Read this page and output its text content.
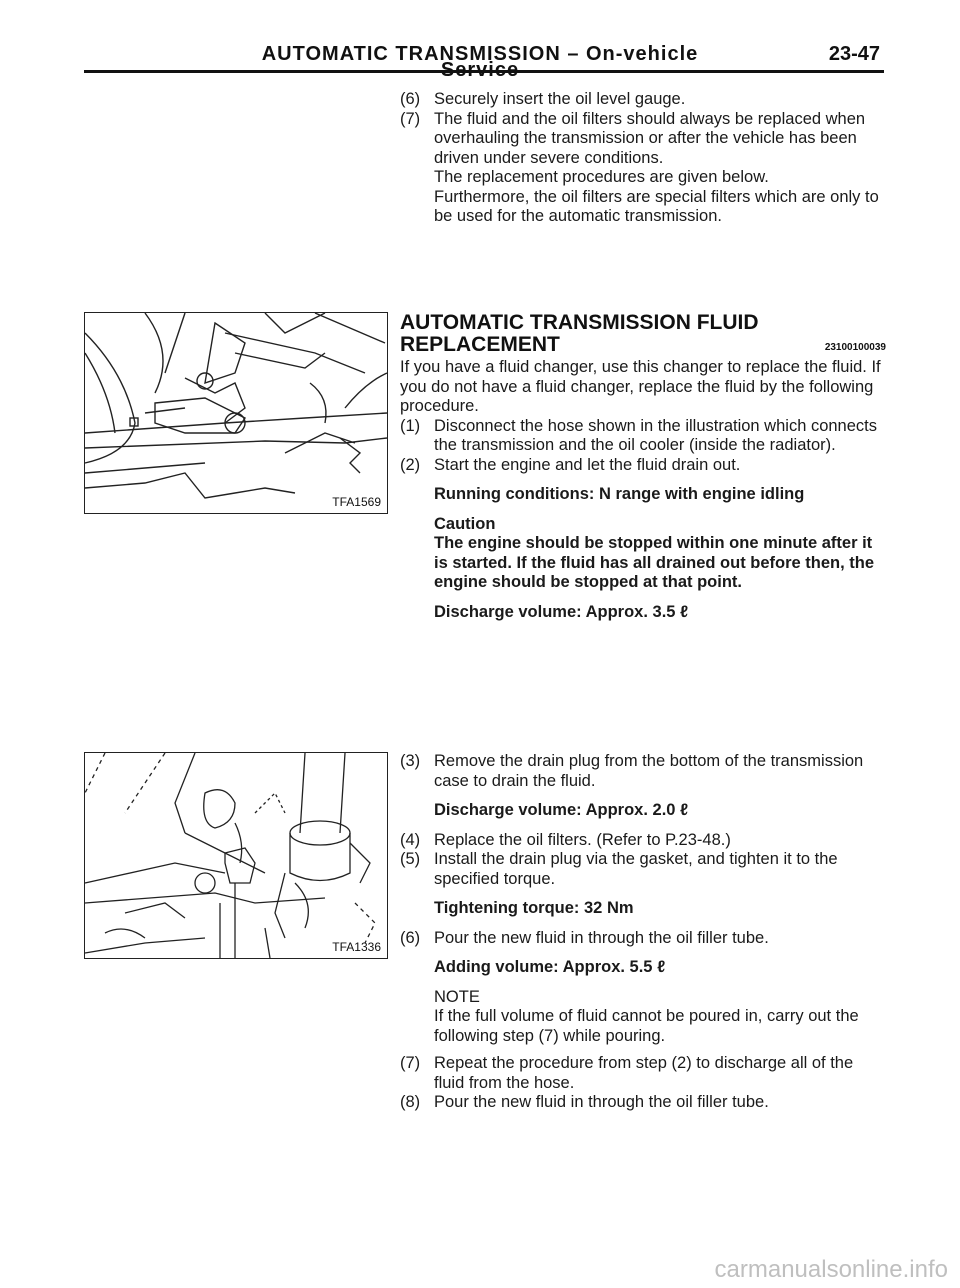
AUTOMATIC TRANSMISSION – On-vehicle	23-47
(6) Securely insert the oil level gauge.
(7) The fluid and the oil filters should always be replaced when overhauling the transmission or after the vehicle has been driven under severe conditions.
The replacement procedures are given below.
Furthermore, the oil filters are special filters which are only to be used for the automatic transmission.
TFA1569
AUTOMATIC TRANSMISSION FLUID
REPLACEMENT	23100100039

If you have a fluid changer, use this changer to replace the fluid. If you do not have a fluid changer, replace the fluid by the following procedure.

(1) Disconnect the hose shown in the illustration which connects the transmission and the oil cooler (inside the radiator).
(2) Start the engine and let the fluid drain out.
Running conditions: N range with engine idling
Caution
The engine should be stopped within one minute after it is started. If the fluid has all drained out before then, the engine should be stopped at that point.
Discharge volume: Approx. 3.5 ℓ
TFA1336
(3) Remove the drain plug from the bottom of the transmission case to drain the fluid.
Discharge volume: Approx. 2.0 ℓ
(4) Replace the oil filters. (Refer to P.23-48.)
(5) Install the drain plug via the gasket, and tighten it to the specified torque.
Tightening torque: 32 Nm
(6) Pour the new fluid in through the oil filler tube.
Adding volume: Approx. 5.5 ℓ
NOTE
If the full volume of fluid cannot be poured in, carry out the following step (7) while pouring.
(7) Repeat the procedure from step (2) to discharge all of the fluid from the hose.
(8) Pour the new fluid in through the oil filler tube.
carmanualsonline.info
